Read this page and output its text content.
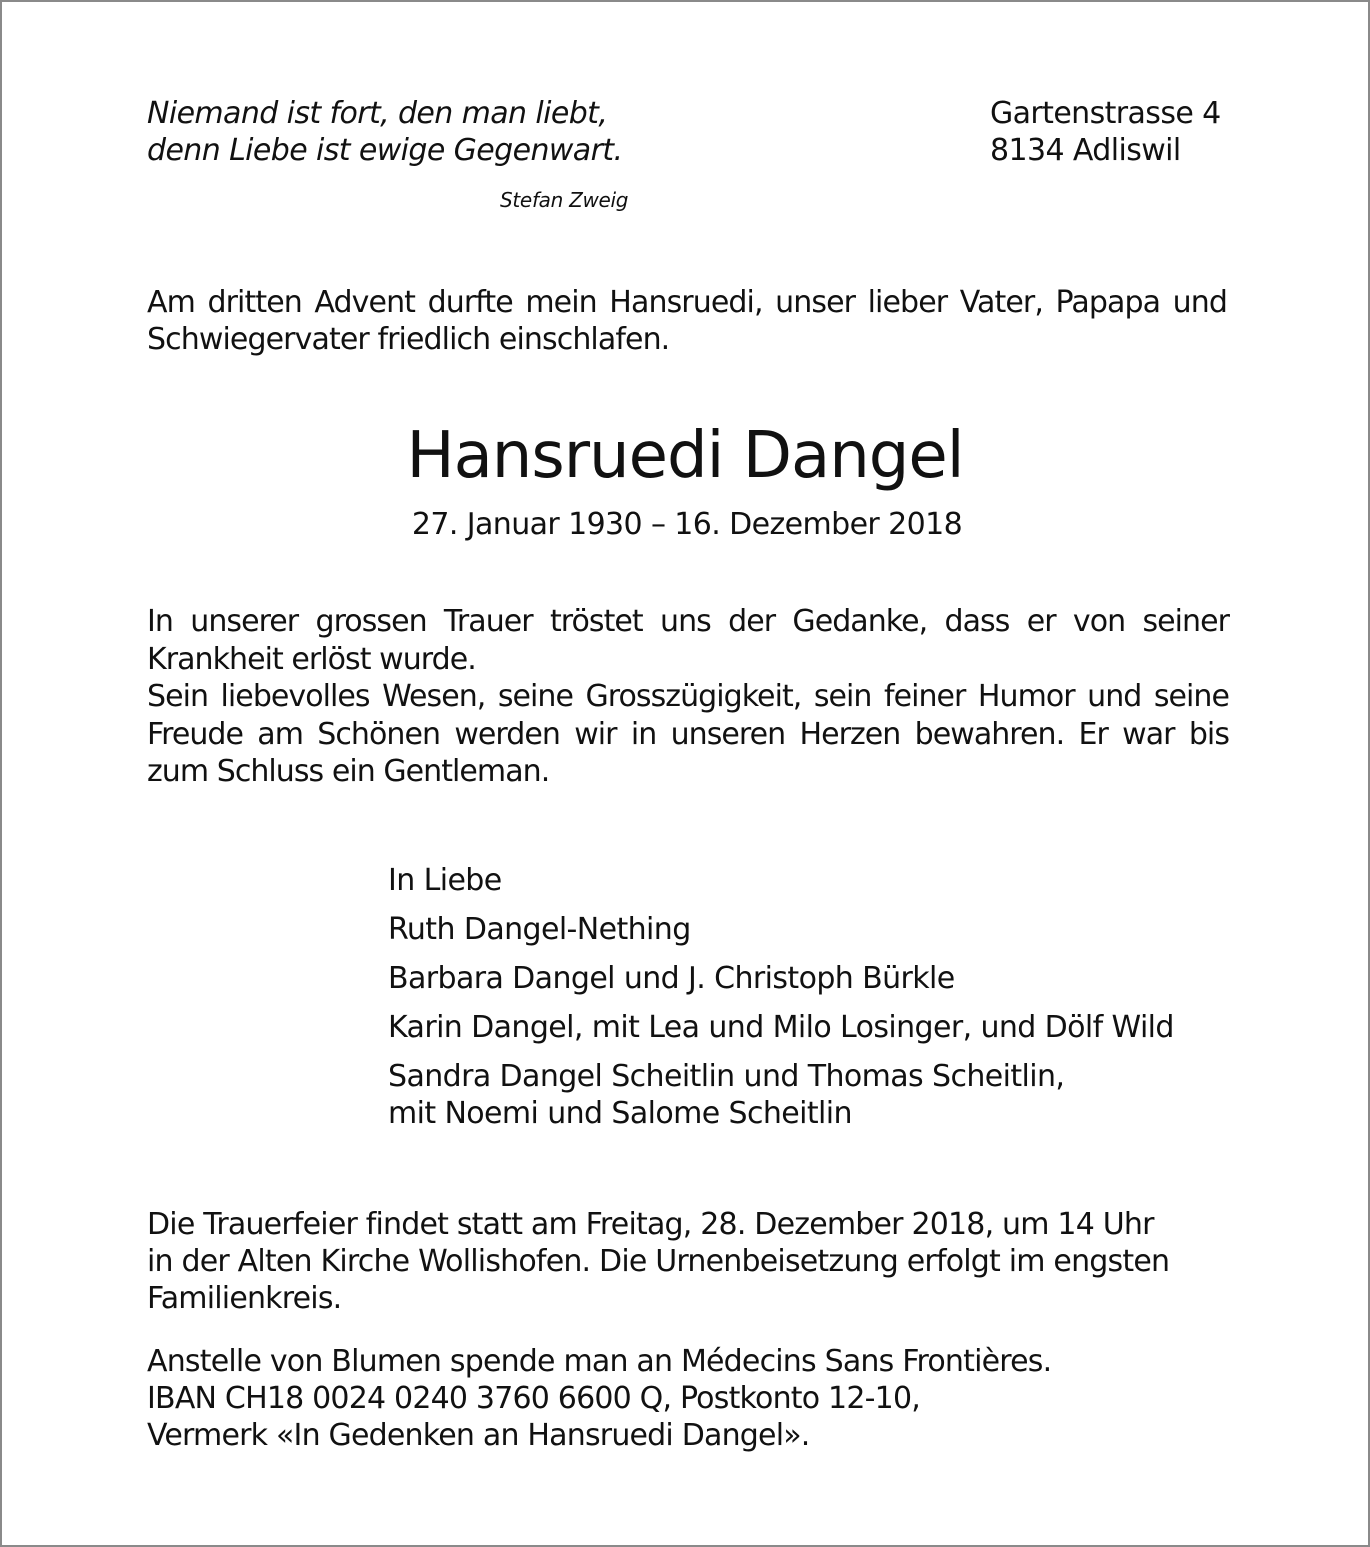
Niemand ist fort, den man liebt,
denn Liebe ist ewige Gegenwart.
Stefan Zweig
Gartenstrasse 4
8134 Adliswil
Am dritten Advent durfte mein Hansruedi, unser lieber Vater, Papapa und
Schwiegervater friedlich einschlafen.
Hansruedi Dangel
27. Januar 1930 – 16. Dezember 2018
In unserer grossen Trauer tröstet uns der Gedanke, dass er von seiner
Krankheit erlöst wurde.
Sein liebevolles Wesen, seine Grosszügigkeit, sein feiner Humor und seine
Freude am Schönen werden wir in unseren Herzen bewahren. Er war bis
zum Schluss ein Gentleman.
In Liebe
Ruth Dangel-Nething
Barbara Dangel und J. Christoph Bürkle
Karin Dangel, mit Lea und Milo Losinger, und Dölf Wild
Sandra Dangel Scheitlin und Thomas Scheitlin,
mit Noemi und Salome Scheitlin
Die Trauerfeier findet statt am Freitag, 28. Dezember 2018, um 14 Uhr
in der Alten Kirche Wollishofen. Die Urnenbeisetzung erfolgt im engsten
Familienkreis.
Anstelle von Blumen spende man an Médecins Sans Frontières.
IBAN CH18 0024 0240 3760 6600 Q, Postkonto 12-10,
Vermerk «In Gedenken an Hansruedi Dangel».
